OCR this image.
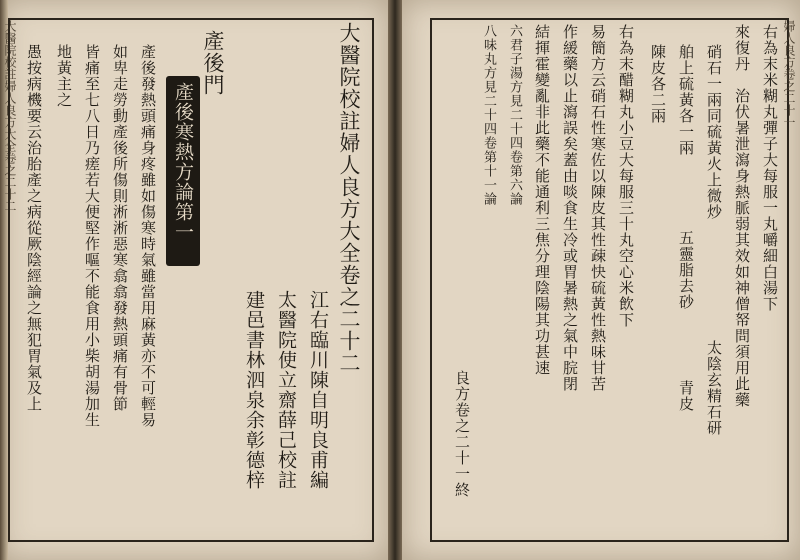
大醫院校註婦人良方大全卷之二十二	大醫院校註婦人良方大全卷之二十二
江右臨川陳自明良甫編
太醫院使立齋薛己校註
建邑書林泗泉余彰德梓
產後門
產後寒熱方論第一
產後發熱頭痛身疼雖如傷寒時氣雖當用麻黃亦不可輕易
如卑走勞動產後所傷則淅淅惡寒翕翕發熱頭痛有骨節
皆痛至七八日乃瘥若大便堅作嘔不能食用小柴胡湯加生
地黃主之
愚按病機要云治胎產之病從厥陰經論之無犯胃氣及上	右為末米糊丸彈子大每服一丸嚼細白湯下
來復丹　治伏暑泄瀉身熱脈弱其效如神僧帑問須用此藥
硝石一兩同硫黃火上微炒
太陰玄精石研
舶上硫黃各一兩
五靈脂去砂
青皮
陳皮各二兩
右為末醋糊丸小豆大每服三十丸空心米飲下
易簡方云硝石性寒佐以陳皮其性疎快硫黃性熱味甘苦
作緩藥以止瀉誤矣蓋由啖食生冷或胃暑熱之氣中脘閉
結揮霍變亂非此藥不能通利三焦分理陰陽其功甚速
六君子湯方見二十四卷第六論
八味丸方見二十四卷第十一論
良方卷之二十一終
婦人良方卷之二十一
